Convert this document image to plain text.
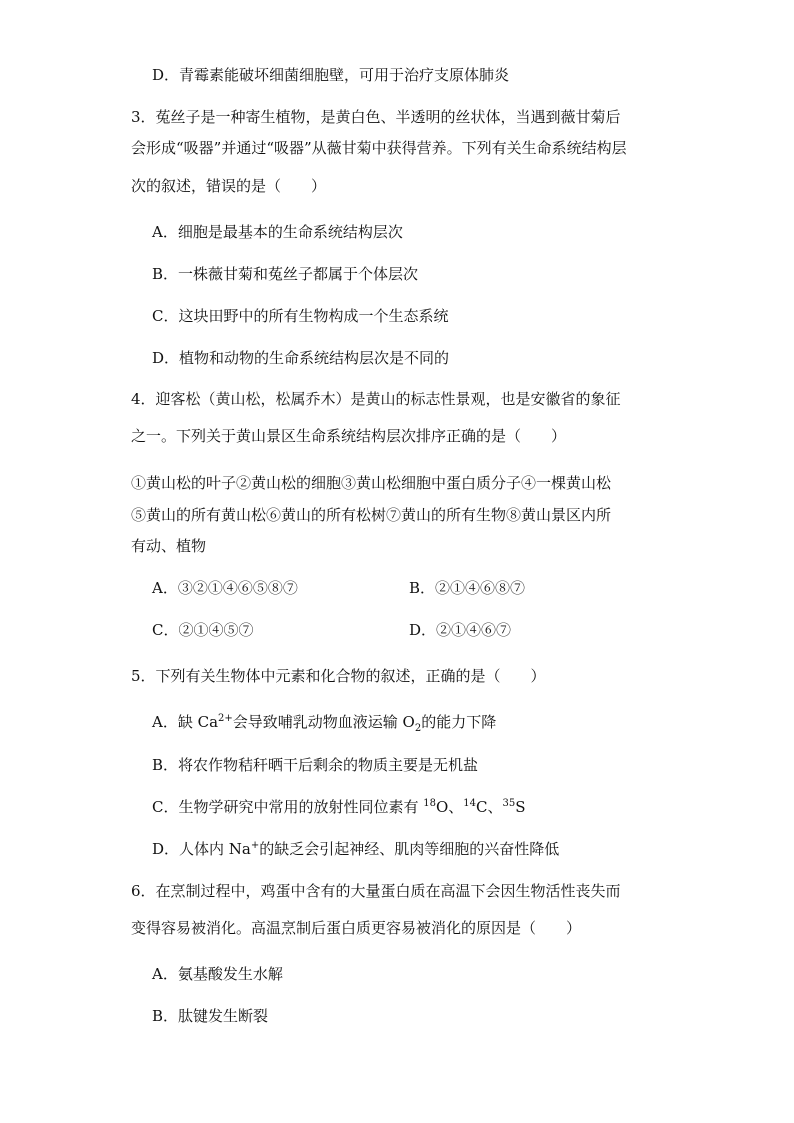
D．青霉素能破坏细菌细胞壁，可用于治疗支原体肺炎
3．菟丝子是一种寄生植物，是黄白色、半透明的丝状体，当遇到薇甘菊后
会形成“吸器”并通过“吸器”从薇甘菊中获得营养。下列有关生命系统结构层
次的叙述，错误的是（　　）
A．细胞是最基本的生命系统结构层次
B．一株薇甘菊和菟丝子都属于个体层次
C．这块田野中的所有生物构成一个生态系统
D．植物和动物的生命系统结构层次是不同的
4．迎客松（黄山松，松属乔木）是黄山的标志性景观，也是安徽省的象征
之一。下列关于黄山景区生命系统结构层次排序正确的是（　　）
①黄山松的叶子②黄山松的细胞③黄山松细胞中蛋白质分子④一棵黄山松
⑤黄山的所有黄山松⑥黄山的所有松树⑦黄山的所有生物⑧黄山景区内所
有动、植物
A．③②①④⑥⑤⑧⑦	B．②①④⑥⑧⑦
C．②①④⑤⑦	D．②①④⑥⑦
5．下列有关生物体中元素和化合物的叙述，正确的是（　　）
A．缺 $Ca^{2+}$会导致哺乳动物血液运输 $O_2$的能力下降
B．将农作物秸秆晒干后剩余的物质主要是无机盐
C．生物学研究中常用的放射性同位素有 $^{18}$O、$^{14}$C、$^{35}$S
D．人体内 Na+的缺乏会引起神经、肌肉等细胞的兴奋性降低
6．在烹制过程中，鸡蛋中含有的大量蛋白质在高温下会因生物活性丧失而
变得容易被消化。高温烹制后蛋白质更容易被消化的原因是（　　）
A．氨基酸发生水解
B．肽键发生断裂
